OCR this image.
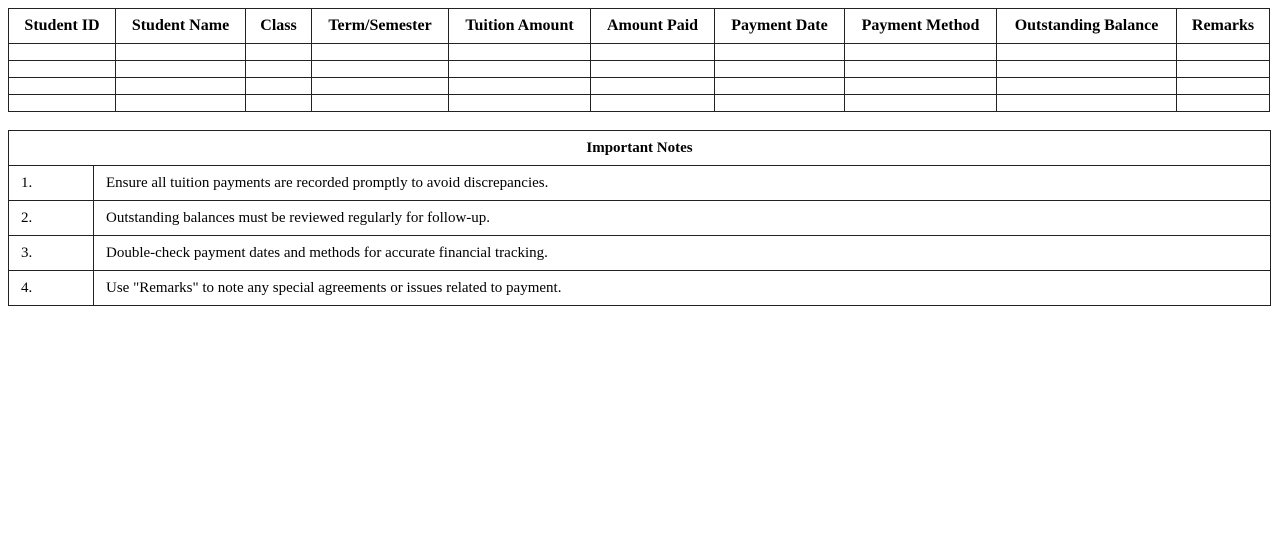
Student ID	Student Name	Class	Term/Semester	Tuition Amount	Amount Paid	Payment Date	Payment Method	Outstanding Balance	Remarks

Important Notes	
1.	Ensure all tuition payments are recorded promptly to avoid discrepancies.
2.	Outstanding balances must be reviewed regularly for follow-up.
3.	Double-check payment dates and methods for accurate financial tracking.
4.	Use "Remarks" to note any special agreements or issues related to payment.
